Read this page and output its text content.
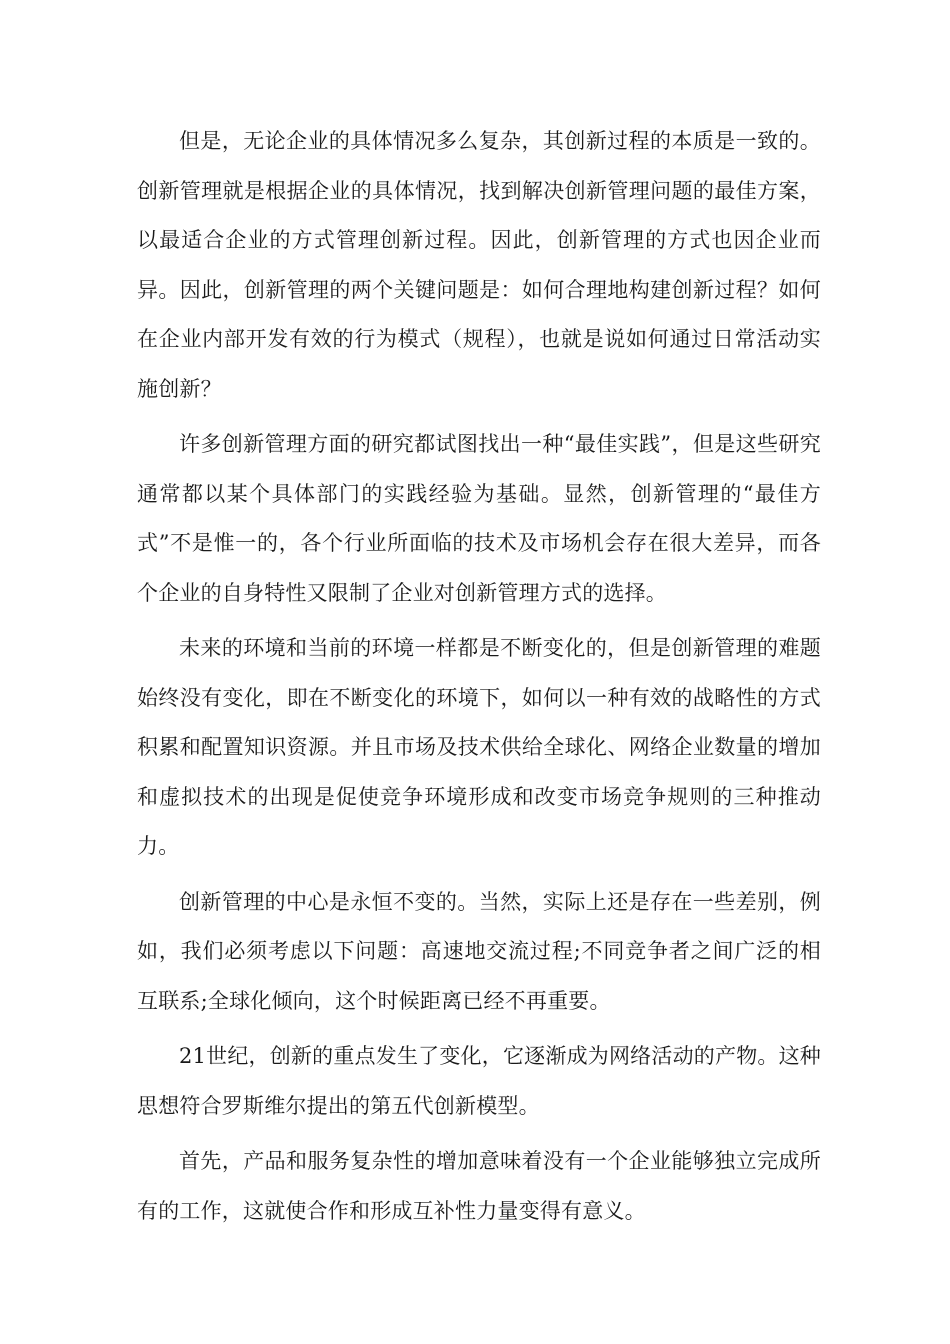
但是，无论企业的具体情况多么复杂，其创新过程的本质是一致的。创新管理就是根据企业的具体情况，找到解决创新管理问题的最佳方案，以最适合企业的方式管理创新过程。因此，创新管理的方式也因企业而异。因此，创新管理的两个关键问题是：如何合理地构建创新过程？如何在企业内部开发有效的行为模式（规程），也就是说如何通过日常活动实施创新？

许多创新管理方面的研究都试图找出一种“最佳实践”，但是这些研究通常都以某个具体部门的实践经验为基础。显然，创新管理的“最佳方式”不是惟一的，各个行业所面临的技术及市场机会存在很大差异，而各个企业的自身特性又限制了企业对创新管理方式的选择。

未来的环境和当前的环境一样都是不断变化的，但是创新管理的难题始终没有变化，即在不断变化的环境下，如何以一种有效的战略性的方式积累和配置知识资源。并且市场及技术供给全球化、网络企业数量的增加和虚拟技术的出现是促使竞争环境形成和改变市场竞争规则的三种推动力。

创新管理的中心是永恒不变的。当然，实际上还是存在一些差别，例如，我们必须考虑以下问题：高速地交流过程;不同竞争者之间广泛的相互联系;全球化倾向，这个时候距离已经不再重要。

21世纪，创新的重点发生了变化，它逐渐成为网络活动的产物。这种思想符合罗斯维尔提出的第五代创新模型。

首先，产品和服务复杂性的增加意味着没有一个企业能够独立完成所有的工作，这就使合作和形成互补性力量变得有意义。
